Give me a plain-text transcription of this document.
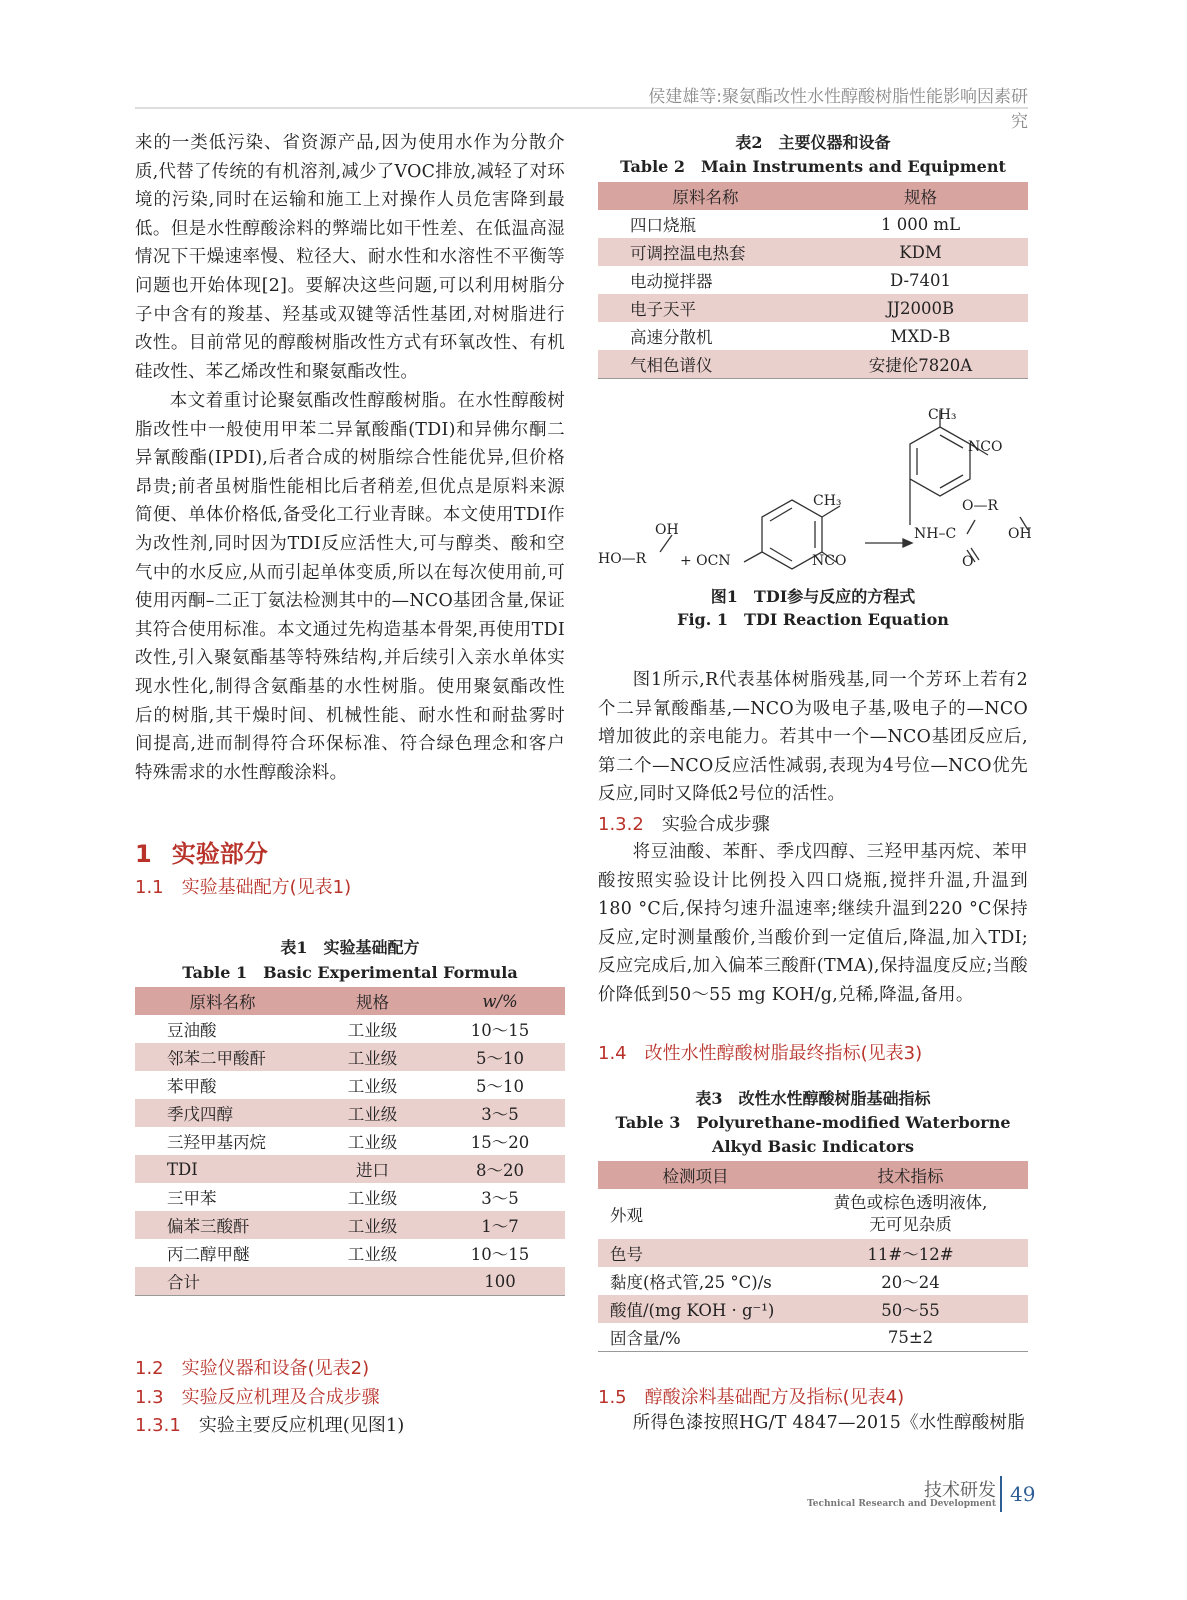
侯建雄等:聚氨酯改性水性醇酸树脂性能影响因素研究
来的一类低污染、省资源产品,因为使用水作为分散介质,代替了传统的有机溶剂,减少了VOC排放,减轻了对环境的污染,同时在运输和施工上对操作人员危害降到最低。但是水性醇酸涂料的弊端比如干性差、在低温高湿情况下干燥速率慢、粒径大、耐水性和水溶性不平衡等问题也开始体现[2]。要解决这些问题,可以利用树脂分子中含有的羧基、羟基或双键等活性基团,对树脂进行改性。目前常见的醇酸树脂改性方式有环氧改性、有机硅改性、苯乙烯改性和聚氨酯改性。
本文着重讨论聚氨酯改性醇酸树脂。在水性醇酸树脂改性中一般使用甲苯二异氰酸酯(TDI)和异佛尔酮二异氰酸酯(IPDI),后者合成的树脂综合性能优异,但价格昂贵;前者虽树脂性能相比后者稍差,但优点是原料来源简便、单体价格低,备受化工行业青睐。本文使用TDI作为改性剂,同时因为TDI反应活性大,可与醇类、酸和空气中的水反应,从而引起单体变质,所以在每次使用前,可使用丙酮–二正丁氨法检测其中的—NCO基团含量,保证其符合使用标准。本文通过先构造基本骨架,再使用TDI改性,引入聚氨酯基等特殊结构,并后续引入亲水单体实现水性化,制得含氨酯基的水性树脂。使用聚氨酯改性后的树脂,其干燥时间、机械性能、耐水性和耐盐雾时间提高,进而制得符合环保标准、符合绿色理念和客户特殊需求的水性醇酸涂料。
1 实验部分
1.1 实验基础配方(见表1)
表1　实验基础配方
Table 1　Basic Experimental Formula
原料名称	规格	w/%
豆油酸	工业级	10～15
邻苯二甲酸酐	工业级	5～10
苯甲酸	工业级	5～10
季戊四醇	工业级	3～5
三羟甲基丙烷	工业级	15～20
TDI	进口	8～20
三甲苯	工业级	3～5
偏苯三酸酐	工业级	1～7
丙二醇甲醚	工业级	10～15
合计		100
1.2 实验仪器和设备(见表2)
1.3 实验反应机理及合成步骤
1.3.1 实验主要反应机理(见图1)
表2　主要仪器和设备
Table 2　Main Instruments and Equipment
原料名称	规格
四口烧瓶	1 000 mL
可调控温电热套	KDM
电动搅拌器	D-7401
电子天平	JJ2000B
高速分散机	MXD-B
气相色谱仪	安捷伦7820A
HO—R
OH
+ OCN
CH₃
NCO
CH₃
NCO
NH–C
O—R
OH
O
图1　TDI参与反应的方程式
Fig. 1　TDI Reaction Equation
图1所示,R代表基体树脂残基,同一个芳环上若有2个二异氰酸酯基,—NCO为吸电子基,吸电子的—NCO增加彼此的亲电能力。若其中一个—NCO基团反应后,第二个—NCO反应活性减弱,表现为4号位—NCO优先反应,同时又降低2号位的活性。
1.3.2 实验合成步骤
将豆油酸、苯酐、季戊四醇、三羟甲基丙烷、苯甲酸按照实验设计比例投入四口烧瓶,搅拌升温,升温到180 °C后,保持匀速升温速率;继续升温到220 °C保持反应,定时测量酸价,当酸价到一定值后,降温,加入TDI;反应完成后,加入偏苯三酸酐(TMA),保持温度反应;当酸价降低到50～55 mg KOH/g,兑稀,降温,备用。
1.4 改性水性醇酸树脂最终指标(见表3)
表3　改性水性醇酸树脂基础指标
Table 3　Polyurethane-modified Waterborne Alkyd Basic Indicators
检测项目	技术指标
外观	黄色或棕色透明液体,
无可见杂质
色号	11#～12#
黏度(格式管,25 °C)/s	20～24
酸值/(mg KOH · g⁻¹)	50～55
固含量/%	75±2
1.5 醇酸涂料基础配方及指标(见表4)
所得色漆按照HG/T 4847—2015《水性醇酸树脂
技术研发
Technical Research and Development 49
